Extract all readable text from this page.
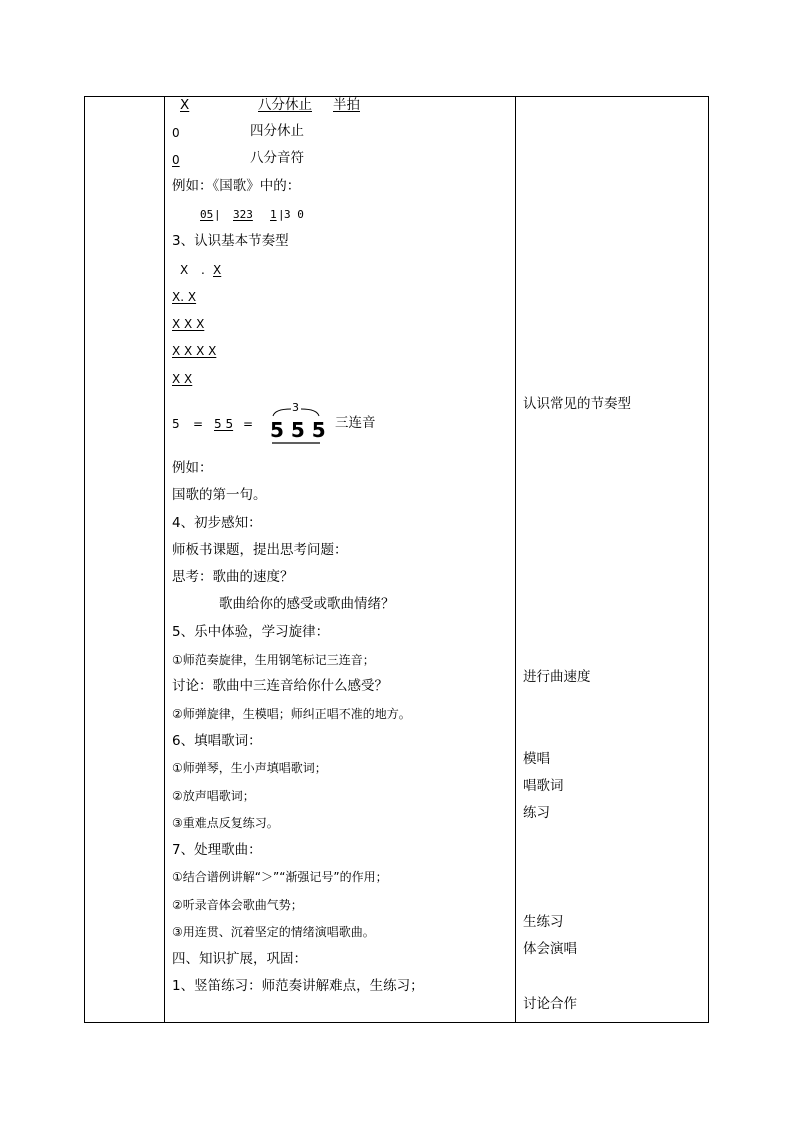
X	八分休止 半拍
0	四分休止
0	八分音符
例如：《国歌》中的：
05 | 323 1 | 3 0
3、认识基本节奏型
X . X
X. X
X X X
X X X X
X X
5 = 5 5 =
3
5 5 5 三连音
例如：
国歌的第一句。
4、初步感知：
师板书课题，提出思考问题：
思考：歌曲的速度？
歌曲给你的感受或歌曲情绪？
5、乐中体验，学习旋律：
①师范奏旋律，生用钢笔标记三连音；
讨论：歌曲中三连音给你什么感受？
②师弹旋律，生模唱；师纠正唱不准的地方。
6、填唱歌词：
①师弹琴，生小声填唱歌词；
②放声唱歌词；
③重难点反复练习。
7、处理歌曲：
①结合谱例讲解“＞”“渐强记号”的作用；
②听录音体会歌曲气势；
③用连贯、沉着坚定的情绪演唱歌曲。
四、知识扩展，巩固：
1、竖笛练习：师范奏讲解难点，生练习；
认识常见的节奏型
进行曲速度
模唱
唱歌词
练习
生练习
体会演唱
讨论合作
